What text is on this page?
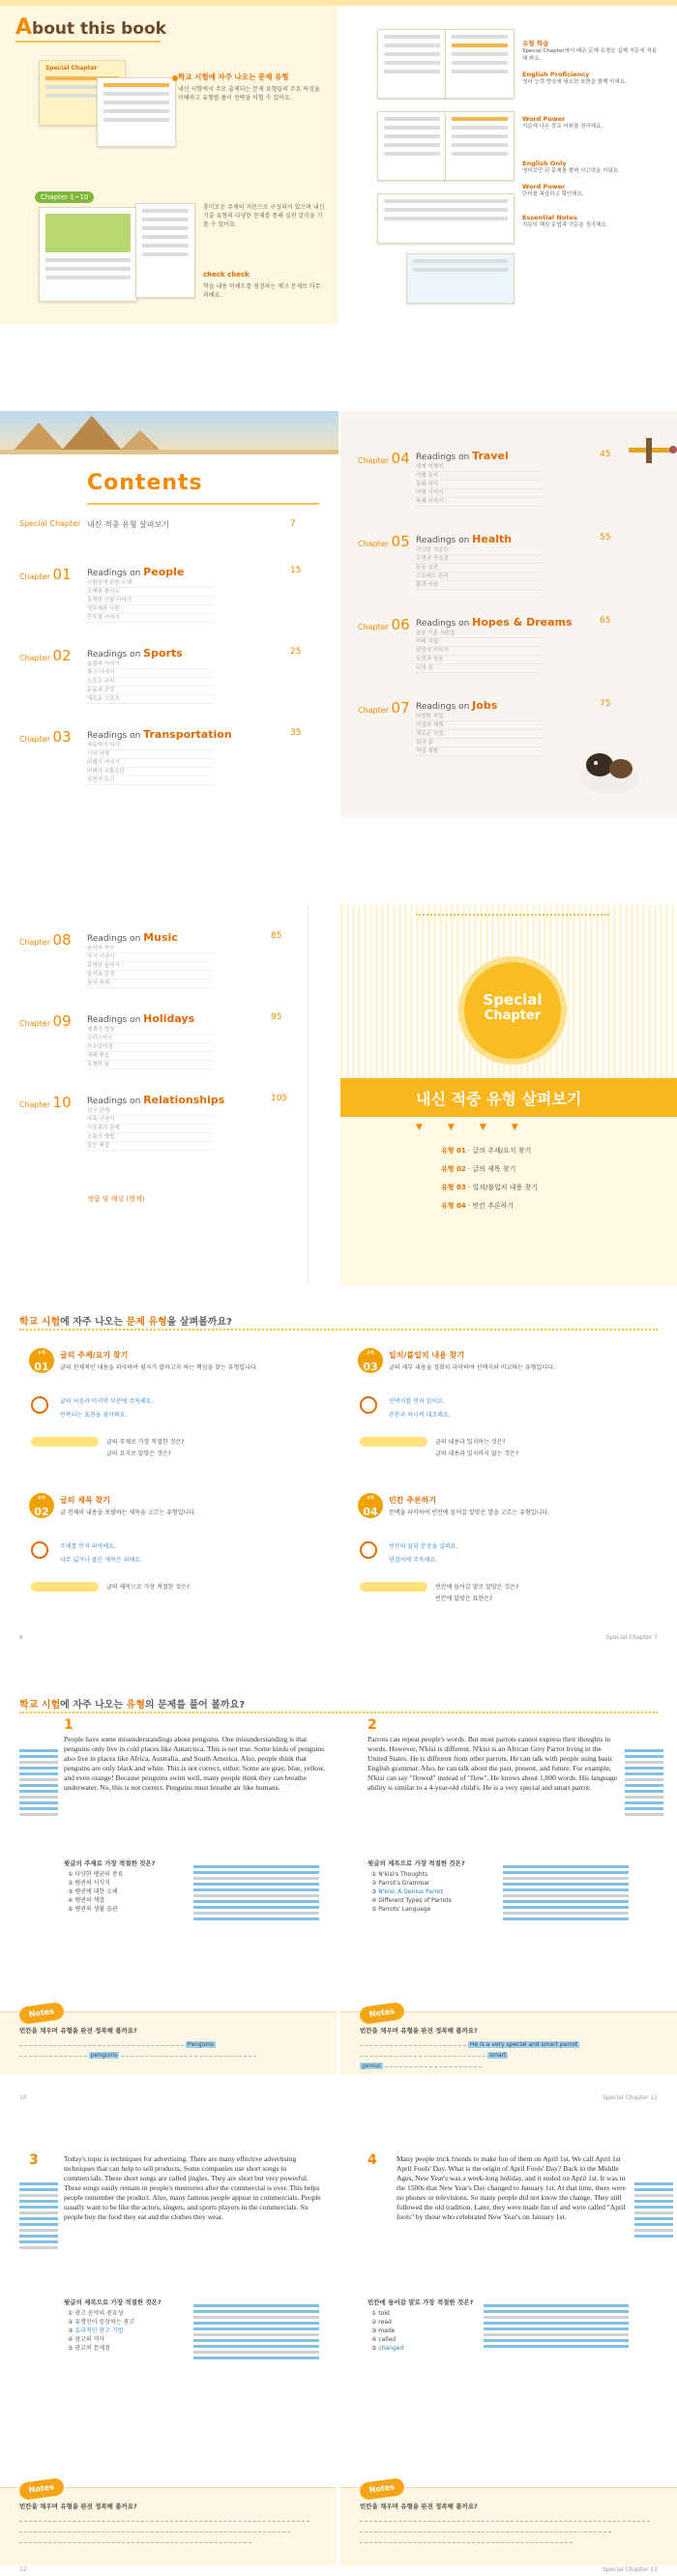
About this book
Special Chapter
학교 시험에 자주 나오는 문제 유형
내신 시험에서 주로 출제되는 문제 유형들의 주요 특징을 이해하고 유형별 풀이 전략을 익힐 수 있어요.
Chapter 1~10
흥미로운 주제의 지문으로 구성되어 있으며 내신 기출 유형의 다양한 문제를 통해 실전 감각을 기를 수 있어요.
check check
학습 내용 이해도를 점검하는 체크 문제로 마무리해요.
유형 학습
Special Chapter에서 배운 문제 유형을 실제 지문에 적용해 봐요.
English Proficiency
영어 능력 향상에 필요한 표현을 함께 익혀요.
Word Power
지문에 나온 중요 어휘를 정리해요.
English Only
영어로만 된 문제를 풀며 사고력을 키워요.
Word Power
단어를 복습하고 확인해요.
Essential Notes
지문의 핵심 문법과 구문을 정리해요.
Contents
Special Chapter 내신 적중 유형 살펴보기	7
Chapter 01	Readings on People	15
사람들에 관한 오해
오해를 풀어요
유명한 인물 이야기
앵무새와 사람
만우절 이야기
Chapter 02	Readings on Sports	25
올림픽 이야기
축구 이야기
스포츠 규칙
운동과 건강
새로운 스포츠
Chapter 03	Readings on Transportation	35
자동차의 역사
기차 여행
비행기 이야기
미래의 교통수단
자전거 도시
Chapter 04 Readings on Travel	45
세계 여행지
여행 준비
문화 차이
여행 이야기
축제 이야기
Chapter 05 Readings on Health	55
건강한 식습관
수면의 중요성
운동 습관
스트레스 관리
몸과 마음
Chapter 06 Readings on Hopes & Dreams	65
꿈을 이룬 사람들
미래 직업
희망의 이야기
도전과 성공
나의 꿈
Chapter 07 Readings on Jobs	75
다양한 직업
직업의 세계
새로운 직업
일과 삶
직업 체험
Chapter 08	Readings on Music	85
음악의 역사
악기 이야기
유명한 음악가
음악과 감정
음악 축제
Chapter 09	Readings on Holidays	95
세계의 명절
크리스마스
추수감사절
새해 풍습
특별한 날
Chapter 10	Readings on Relationships	105
친구 관계
가족 이야기
이웃과의 관계
소통의 방법
갈등 해결
정답 및 해설 (별책)
Special
Chapter
내신 적중 유형 살펴보기
▼▼▼▼
유형 01 · 글의 주제/요지 찾기
유형 02 · 글의 제목 찾기
유형 03 · 일치/불일치 내용 찾기
유형 04 · 빈칸 추론하기
학교 시험에 자주 나오는 문제 유형을 살펴볼까요?
유형
01
글의 주제/요지 찾기
글의 전체적인 내용을 파악하여 필자가 말하고자 하는 핵심을 찾는 유형입니다.
글의 처음과 마지막 부분에 주목해요.
반복되는 표현을 찾아봐요.
글의 주제로 가장 적절한 것은?
글의 요지로 알맞은 것은?
유형
03
일치/불일치 내용 찾기
글의 세부 내용을 정확히 파악하여 선택지와 비교하는 유형입니다.
선택지를 먼저 읽어요.
본문과 하나씩 대조해요.
글의 내용과 일치하는 것은?
글의 내용과 일치하지 않는 것은?
유형
02
글의 제목 찾기
글 전체의 내용을 포괄하는 제목을 고르는 유형입니다.
주제를 먼저 파악해요.
너무 넓거나 좁은 제목은 피해요.
글의 제목으로 가장 적절한 것은?
유형
04
빈칸 추론하기
문맥을 파악하여 빈칸에 들어갈 알맞은 말을 고르는 유형입니다.
빈칸의 앞뒤 문장을 살펴요.
연결어에 주목해요.
빈칸에 들어갈 말로 알맞은 것은?
빈칸에 알맞은 표현은?
6	Special Chapter 7
학교 시험에 자주 나오는 유형의 문제를 풀어 볼까요?
1
People have some misunderstandings about penguins. One misunderstanding is that penguins only live in cold places like Antarctica. This is not true. Some kinds of penguins also live in places like Africa, Australia, and South America. Also, people think that penguins are only black and white. This is not correct, either. Some are gray, blue, yellow, and even orange! Because penguins swim well, many people think they can breathe underwater. No, this is not correct. Penguins must breathe air like humans.
윗글의 주제로 가장 적절한 것은?
① 다양한 펭귄의 종류
② 펭귄의 서식지
③ 펭귄에 대한 오해
④ 펭귄의 색깔
⑤ 펭귄의 생활 습관
2
Parrots can repeat people's words. But most parrots cannot express their thoughts in words. However, N'kisi is different. N'kisi is an African Grey Parrot living in the United States. He is different from other parrots. He can talk with people using basic English grammar. Also, he can talk about the past, present, and future. For example, N'kisi can say "flowed" instead of "flow". He knows about 1,000 words. His language ability is similar to a 4-year-old child's. He is a very special and smart parrot.
윗글의 제목으로 가장 적절한 것은?
① N'kisi's Thoughts
② Parrot's Grammar
③ N'kisi: A Genius Parrot
④ Different Types of Parrots
⑤ Parrots' Language
Notes
빈칸을 채우며 유형을 완전 정복해 볼까요?
Penguins
penguins
Notes
빈칸을 채우며 유형을 완전 정복해 볼까요?
He is a very special and smart parrot
smart
genius
10	Special Chapter 11
3	Today's topic is techniques for advertising. There are many effective advertising techniques that can help to sell products. Some companies use short songs in commercials. These short songs are called jingles. They are short but very powerful. These songs easily remain in people's memories after the commercial is over. This helps people remember the product. Also, many famous people appear in commercials. People usually want to be like the actors, singers, and sports players in the commercials. So people buy the food they eat and the clothes they wear.
윗글의 제목으로 가장 적절한 것은?
① 광고 음악의 중요성
② 유명인이 등장하는 광고
③ 효과적인 광고 기법
④ 광고의 역사
⑤ 광고의 문제점
4	Many people trick friends to make fun of them on April 1st. We call April 1st April Fools' Day. What is the origin of April Fools' Day? Back to the Middle Ages, New Year's was a week-long holiday, and it ended on April 1st. It was in the 1500s that New Year's Day changed to January 1st. At that time, there were no phones or televisions. So many people did not know the change. They still followed the old tradition. Later, they were made fun of and were called "April fools" by those who celebrated New Year's on January 1st.
빈칸에 들어갈 말로 가장 적절한 것은?
① told
② read
③ made
④ called
⑤ changed
Notes
빈칸을 채우며 유형을 완전 정복해 볼까요?

Notes
빈칸을 채우며 유형을 완전 정복해 볼까요?

12	Special Chapter 13
